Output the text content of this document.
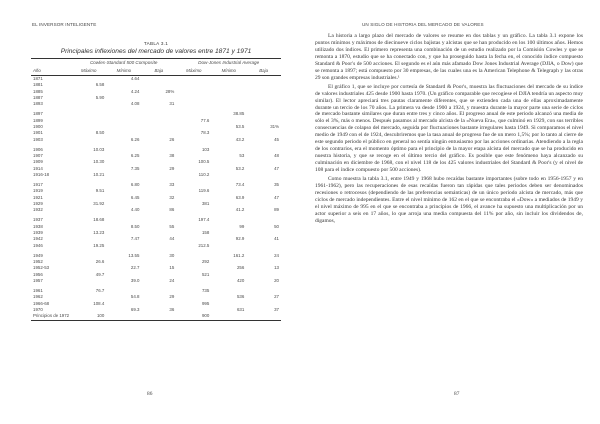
EL INVERSOR INTELIGENTE
TABLA 3.1
Principales inflexiones del mercado de valores entre 1871 y 1971
	Cowles-Standard 500 Composite			Dow-Jones Industrial Average		
Año	Máximo	Mínimo	Baja	Máximo	Mínimo	Baja
1871		4.64				
1881	6.58					
1885		4.24	28%			
1887	5.90					
1893		4.08	31			

1897					38.85	
1899				77.6		
1900					53.5	31%
1901	8.50			78.3		
1903		6.26	26		43.2	45

1906	10.03			103		
1907		6.25	38		53	48
1909	10.30			100.5		
1914		7.35	29		53.2	47
1916-18	10.21			110.2		

1917		6.80	33		73.4	35
1919	9.51			119.6		
1921		6.45	32		63.9	47
1929	31.92			381		
1932		4.40	86		41.2	89

1937	18.68			197.4		
1938		8.50	55		99	50
1939	13.23			158		
1942		7.47	44		92.9	41
1946	19.25			212.5		

1949		13.55	30		161.2	24
1952	26.6			292		
1952-53		22.7	15		256	13
1956	49.7			521		
1957		39.0	24		420	20

1961	76.7			735		
1962		54.8	29		536	27
1966-68	108.4			995		
1970		69.3	36		631	37
Principios de 1972	100			900		
86
UN SIGLO DE HISTORIA DEL MERCADO DE VALORES

La historia a largo plazo del mercado de valores se resume en dos tablas y un gráfico. La tabla 3.1 expone los puntos mínimos y máximos de diecinueve ciclos bajistas y alcistas que se han producido en los 100 últimos años. Hemos utilizado dos índices. El primero representa una combinación de un estudio realizado por la Comisión Cowles y que se remonta a 1870, estudio que se ha conectado con, y que ha proseguido hasta la fecha en, el conocido índice compuesto Standard & Poor's de 500 acciones. El segundo es el aún más afamado Dow Jones Industrial Average (DJIA, o Dow) que se remonta a 1897; está compuesto por 30 empresas, de las cuales una es la American Telephone & Telegraph y las otras 29 son grandes empresas industriales.¹

El gráfico 1, que se incluye por cortesía de Standard & Poor's, muestra las fluctuaciones del mercado de su índice de valores industriales 425 desde 1900 hasta 1970. (Un gráfico comparable que recogiese el DJIA tendría un aspecto muy similar). El lector apreciará tres pautas claramente diferentes, que se extienden cada una de ellas aproximadamente durante un tercio de los 70 años. La primera va desde 1900 a 1924, y muestra durante la mayor parte una serie de ciclos de mercado bastante similares que duran entre tres y cinco años. El progreso anual de este periodo alcanzó una media de sólo el 3%, más o menos. Después pasamos al mercado alcista de la «Nueva Era», que culminó en 1929, con sus terribles consecuencias de colapso del mercado, seguida por fluctuaciones bastante irregulares hasta 1949. Si comparamos el nivel medio de 1949 con el de 1924, descubriremos que la tasa anual de progreso fue de un mero 1,5%; por lo tanto al cierre de este segundo periodo el público en general no sentía ningún entusiasmo por las acciones ordinarias. Atendiendo a la regla de los contrarios, era el momento óptimo para el principio de la mayor etapa alcista del mercado que se ha producido en nuestra historia, y que se recoge en el último tercio del gráfico. Es posible que este fenómeno haya alcanzado su culminación en diciembre de 1968, con el nivel 118 de los 425 valores industriales del Standard & Poor's (y el nivel de 108 para el índice compuesto por 500 acciones).

Como muestra la tabla 3.1, entre 1949 y 1968 hubo recaídas bastante importantes (sobre todo en 1956-1957 y en 1961-1962), pero las recuperaciones de esas recaídas fueron tan rápidas que tales periodos deben ser denominados recesiones o retrocesos (dependiendo de las preferencias semánticas) de un único periodo alcista de mercado, más que ciclos de mercado independientes. Entre el nivel mínimo de 162 en el que se encontraba el «Dow» a mediados de 1949 y el nivel máximo de 995 en el que se encontraba a principios de 1966, el avance ha supuesto una multiplicación por un actor superior a seis en 17 años, lo que arroja una media compuesta del 11% por año, sin incluir los dividendos de, digamos,

87
